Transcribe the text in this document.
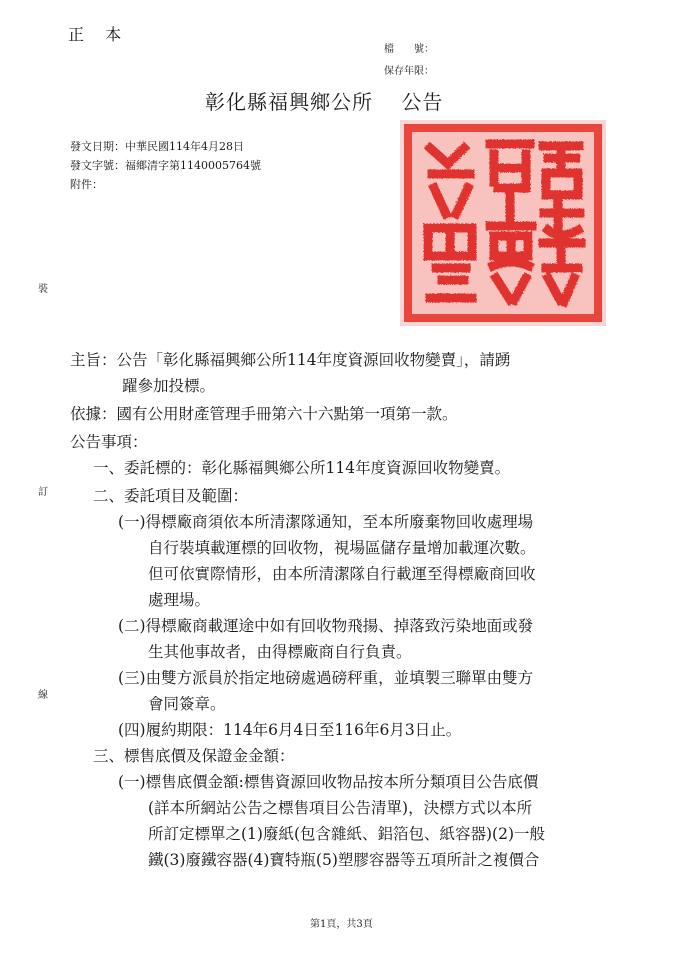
正 本
檔　　號：
保存年限：
彰化縣福興鄉公所　 公告
發文日期：中華民國114年4月28日
發文字號：福鄉清字第1140005764號
附件：
彰化縣福興鄉公所之印
裝
訂
線
主旨：公告「彰化縣福興鄉公所114年度資源回收物變賣」，請踴
躍參加投標。
依據：國有公用財產管理手冊第六十六點第一項第一款。
公告事項：
一、委託標的：彰化縣福興鄉公所114年度資源回收物變賣。
二、委託項目及範圍：
(一)得標廠商須依本所清潔隊通知，至本所廢棄物回收處理場
自行裝填載運標的回收物，視場區儲存量增加載運次數。
但可依實際情形，由本所清潔隊自行載運至得標廠商回收
處理場。
(二)得標廠商載運途中如有回收物飛揚、掉落致污染地面或發
生其他事故者，由得標廠商自行負責。
(三)由雙方派員於指定地磅處過磅秤重，並填製三聯單由雙方
會同簽章。
(四)履約期限：114年6月4日至116年6月3日止。
三、標售底價及保證金金額：
(一)標售底價金額:標售資源回收物品按本所分類項目公告底價
(詳本所網站公告之標售項目公告清單)，決標方式以本所
所訂定標單之(1)廢紙(包含雜紙、鋁箔包、紙容器)(2)一般
鐵(3)廢鐵容器(4)寶特瓶(5)塑膠容器等五項所計之複價合
第1頁，共3頁
